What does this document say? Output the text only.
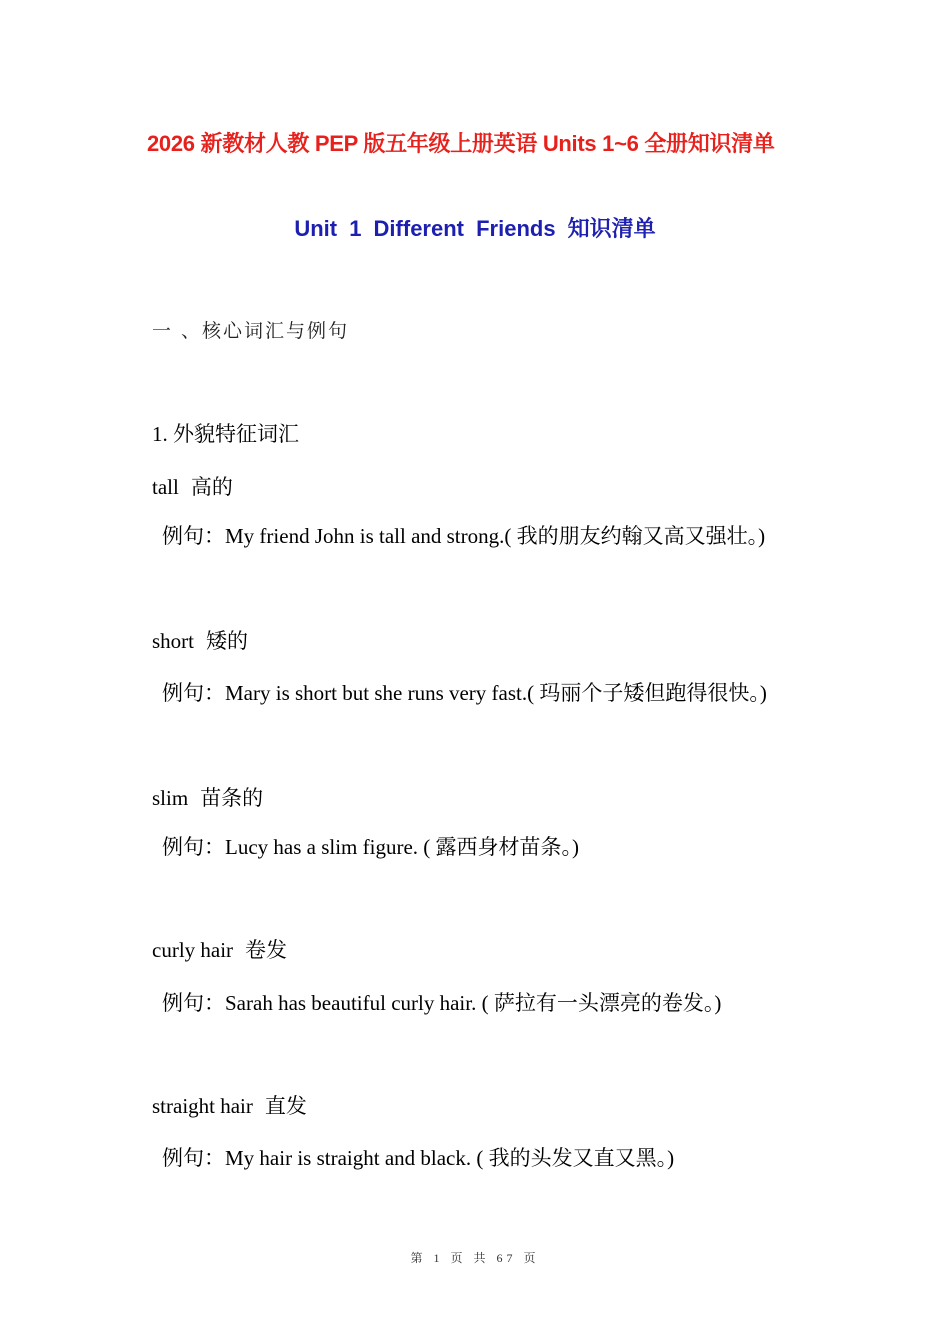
2026 新教材人教 PEP 版五年级上册英语 Units 1~6 全册知识清单
Unit 1 Different Friends 知识清单
一 、核心词汇与例句
1. 外貌特征词汇
tall 高的
例句：My friend John is tall and strong.( 我的朋友约翰又高又强壮。)
short 矮的
例句：Mary is short but she runs very fast.( 玛丽个子矮但跑得很快。)
slim 苗条的
例句：Lucy has a slim figure. ( 露西身材苗条。)
curly hair 卷发
例句：Sarah has beautiful curly hair. ( 萨拉有一头漂亮的卷发。)
straight hair 直发
例句：My hair is straight and black. ( 我的头发又直又黑。)
第 1 页 共 67 页
